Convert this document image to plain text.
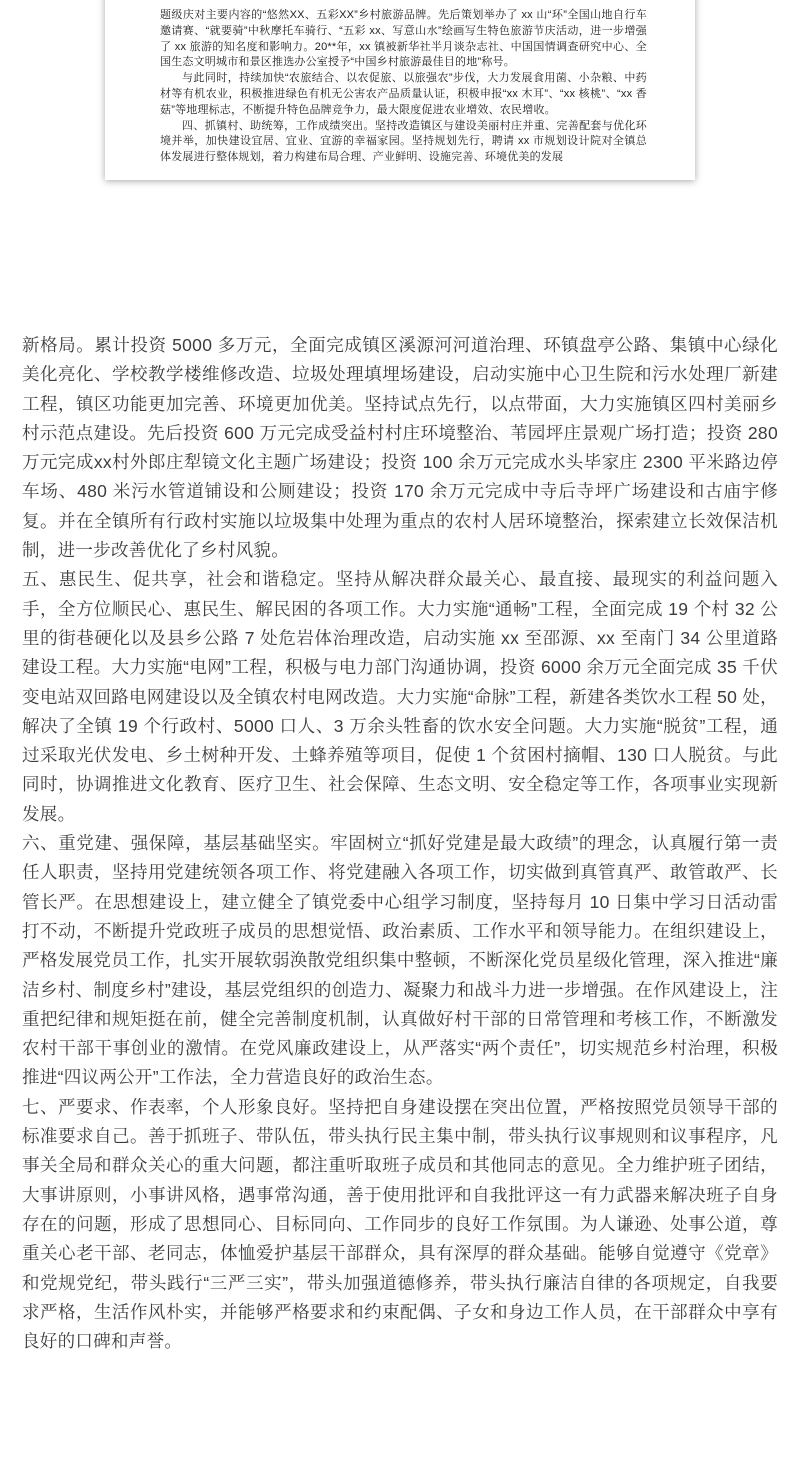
题级庆对主要内容的“悠然XX、五彩XX”乡村旅游品牌。先后策划举办了 xx 山“环”全国山地自行车邀请赛、“就要骑”中秋摩托车骑行、“五彩 xx、写意山水”绘画写生特色旅游节庆活动，进一步增强了 xx 旅游的知名度和影响力。20**年，xx 镇被新华社半月谈杂志社、中国国情调查研究中心、全国生态文明城市和景区推选办公室授予“中国乡村旅游最佳目的地”称号。

与此同时，持续加快“农旅结合、以农促旅、以旅强农”步伐，大力发展食用菌、小杂粮、中药材等有机农业，积极推进绿色有机无公害农产品质量认证，积极申报“xx 木耳”、“xx 核桃”、“xx 香菇”等地理标志，不断提升特色品牌竞争力，最大限度促进农业增效、农民增收。

四、抓镇村、助统筹，工作成绩突出。坚持改造镇区与建设美丽村庄并重、完善配套与优化环境并举，加快建设宜居、宜业、宜游的幸福家园。坚持规划先行，聘请 xx 市规划设计院对全镇总体发展进行整体规划，着力构建布局合理、产业鲜明、设施完善、环境优美的发展

新格局。累计投资 5000 多万元，全面完成镇区溪源河河道治理、环镇盘亭公路、集镇中心绿化美化亮化、学校教学楼维修改造、垃圾处理填埋场建设，启动实施中心卫生院和污水处理厂新建工程，镇区功能更加完善、环境更加优美。坚持试点先行，以点带面，大力实施镇区四村美丽乡村示范点建设。先后投资 600 万元完成受益村村庄环境整治、苇园坪庄景观广场打造；投资 280 万元完成xx村外郎庄犁镜文化主题广场建设；投资 100 余万元完成水头毕家庄 2300 平米路边停车场、480 米污水管道铺设和公厕建设；投资 170 余万元完成中寺后寺坪广场建设和古庙宇修复。并在全镇所有行政村实施以垃圾集中处理为重点的农村人居环境整治，探索建立长效保洁机制，进一步改善优化了乡村风貌。

五、惠民生、促共享，社会和谐稳定。坚持从解决群众最关心、最直接、最现实的利益问题入手，全方位顺民心、惠民生、解民困的各项工作。大力实施“通畅”工程，全面完成 19 个村 32 公里的街巷硬化以及县乡公路 7 处危岩体治理改造，启动实施 xx 至邵源、xx 至南门 34 公里道路建设工程。大力实施“电网”工程，积极与电力部门沟通协调，投资 6000 余万元全面完成 35 千伏变电站双回路电网建设以及全镇农村电网改造。大力实施“命脉”工程，新建各类饮水工程 50 处，解决了全镇 19 个行政村、5000 口人、3 万余头牲畜的饮水安全问题。大力实施“脱贫”工程，通过采取光伏发电、乡土树种开发、土蜂养殖等项目，促使 1 个贫困村摘帽、130 口人脱贫。与此同时，协调推进文化教育、医疗卫生、社会保障、生态文明、安全稳定等工作，各项事业实现新发展。

六、重党建、强保障，基层基础坚实。牢固树立“抓好党建是最大政绩”的理念，认真履行第一责任人职责，坚持用党建统领各项工作、将党建融入各项工作，切实做到真管真严、敢管敢严、长管长严。在思想建设上，建立健全了镇党委中心组学习制度，坚持每月 10 日集中学习日活动雷打不动，不断提升党政班子成员的思想觉悟、政治素质、工作水平和领导能力。在组织建设上，严格发展党员工作，扎实开展软弱涣散党组织集中整顿，不断深化党员星级化管理，深入推进“廉洁乡村、制度乡村”建设，基层党组织的创造力、凝聚力和战斗力进一步增强。在作风建设上，注重把纪律和规矩挺在前，健全完善制度机制，认真做好村干部的日常管理和考核工作，不断激发农村干部干事创业的激情。在党风廉政建设上，从严落实“两个责任”，切实规范乡村治理，积极推进“四议两公开”工作法，全力营造良好的政治生态。

七、严要求、作表率，个人形象良好。坚持把自身建设摆在突出位置，严格按照党员领导干部的标准要求自己。善于抓班子、带队伍，带头执行民主集中制，带头执行议事规则和议事程序，凡事关全局和群众关心的重大问题，都注重听取班子成员和其他同志的意见。全力维护班子团结，大事讲原则，小事讲风格，遇事常沟通，善于使用批评和自我批评这一有力武器来解决班子自身存在的问题，形成了思想同心、目标同向、工作同步的良好工作氛围。为人谦逊、处事公道，尊重关心老干部、老同志，体恤爱护基层干部群众，具有深厚的群众基础。能够自觉遵守《党章》和党规党纪，带头践行“三严三实”，带头加强道德修养，带头执行廉洁自律的各项规定，自我要求严格，生活作风朴实，并能够严格要求和约束配偶、子女和身边工作人员，在干部群众中享有良好的口碑和声誉。
